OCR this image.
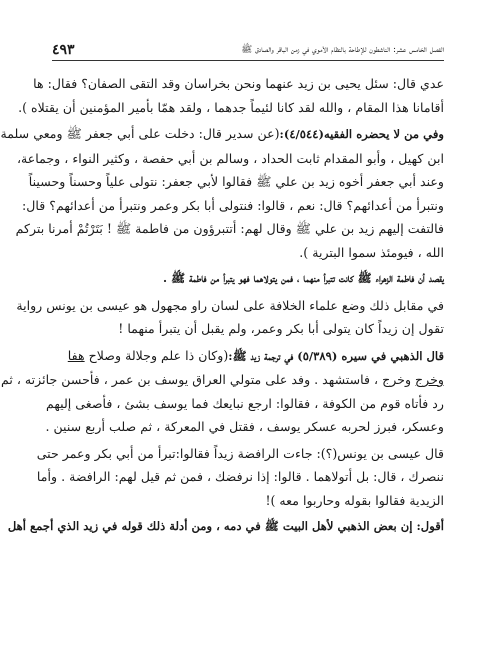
الفصل الخامس عشر: الناشطون للإطاحة بالنظام الأموي في زمن الباقر والصادق ﷺ
٤٩٣

عدي قال: سئل يحيى بن زيد عنهما ونحن بخراسان وقد التقى الصفان؟ فقال: ها
أقامانا هذا المقام ، والله لقد كانا لئيماً جدهما ، ولقد همّا بأمير المؤمنين أن يقتلاه ).

وفي من لا يحضره الفقيه(٤/٥٤٤):(عن سدير قال: دخلت على أبي جعفر ﷺ ومعي سلمة
ابن كهيل ، وأبو المقدام ثابت الحداد ، وسالم بن أبي حفصة ، وكثير النواء ، وجماعة،
وعند أبي جعفر أخوه زيد بن علي ﷺ فقالوا لأبي جعفر: نتولى علياً وحسناً وحسيناً
ونتبرأ من أعدائهم؟ قال: نعم ، قالوا: فنتولى أبا بكر وعمر ونتبرأ من أعدائهم؟ قال:
فالتفت إليهم زيد بن علي ﷺ وقال لهم: أتتبرؤون من فاطمة ﷺ ! بَتَرْتُمْ أمرنا بتركم
الله ، فيومئذ سموا البترية ).

يقصد أن فاطمة الزهراء ﷺ كانت تتبرأ منهما ، فمن يتولاهما فهو يتبرأ من فاطمة ﷺ .

في مقابل ذلك وضع علماء الخلافة على لسان راو مجهول هو عيسى بن يونس رواية
تقول إن زيداً كان يتولى أبا بكر وعمر، ولم يقبل أن يتبرأ منهما !

قال الذهبي في سيره (٥/٣٨٩) في ترجمة زيد ﷺ:(وكان ذا علم وجلالة وصلاح هفا
وخرج وخرج ، فاستشهد . وفد على متولي العراق يوسف بن عمر ، فأحسن جائزته ، ثم
رد فأتاه قوم من الكوفة ، فقالوا: ارجع نبايعك فما يوسف بشئ ، فأصغى إليهم
وعسكر، فبرز لحربه عسكر يوسف ، فقتل في المعركة ، ثم صلب أربع سنين .

قال عيسى بن يونس(؟): جاءت الرافضة زيداً فقالوا:تبرأ من أبي بكر وعمر حتى
ننصرك ، قال: بل أتولاهما . قالوا: إذا نرفضك ، فمن ثم قيل لهم: الرافضة . وأما
الزيدية فقالوا بقوله وحاربوا معه )!

أقول: إن بعض الذهبي لأهل البيت ﷺ في دمه ، ومن أدلة ذلك قوله في زيد الذي أجمع أهل
